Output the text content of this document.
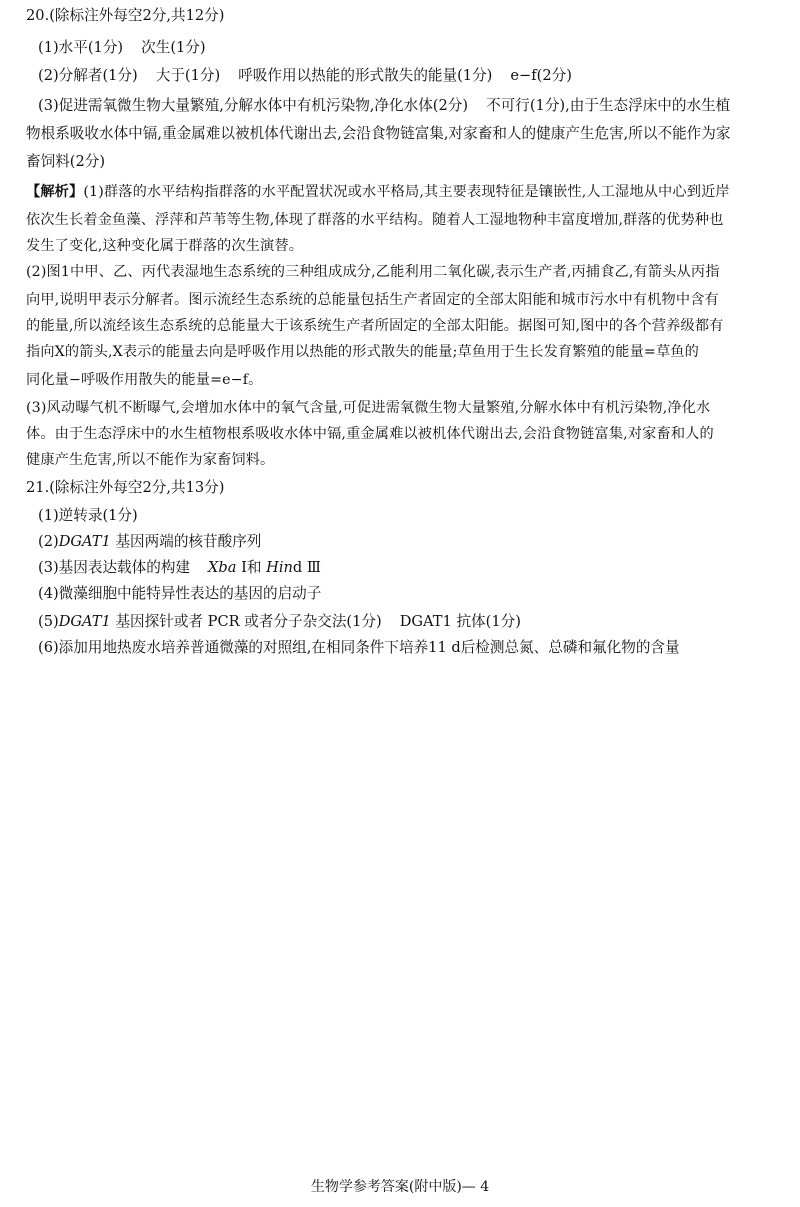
20.(除标注外每空2分,共12分)
(1)水平(1分) 次生(1分)
(2)分解者(1分) 大于(1分) 呼吸作用以热能的形式散失的能量(1分) e−f(2分)
(3)促进需氧微生物大量繁殖,分解水体中有机污染物,净化水体(2分) 不可行(1分),由于生态浮床中的水生植
物根系吸收水体中镉,重金属难以被机体代谢出去,会沿食物链富集,对家畜和人的健康产生危害,所以不能作为家
畜饲料(2分)
【解析】(1)群落的水平结构指群落的水平配置状况或水平格局,其主要表现特征是镶嵌性,人工湿地从中心到近岸
依次生长着金鱼藻、浮萍和芦苇等生物,体现了群落的水平结构。随着人工湿地物种丰富度增加,群落的优势种也
发生了变化,这种变化属于群落的次生演替。
(2)图1中甲、乙、丙代表湿地生态系统的三种组成成分,乙能利用二氧化碳,表示生产者,丙捕食乙,有箭头从丙指
向甲,说明甲表示分解者。图示流经生态系统的总能量包括生产者固定的全部太阳能和城市污水中有机物中含有
的能量,所以流经该生态系统的总能量大于该系统生产者所固定的全部太阳能。据图可知,图中的各个营养级都有
指向X的箭头,X表示的能量去向是呼吸作用以热能的形式散失的能量;草鱼用于生长发育繁殖的能量=草鱼的
同化量−呼吸作用散失的能量=e−f。
(3)风动曝气机不断曝气,会增加水体中的氧气含量,可促进需氧微生物大量繁殖,分解水体中有机污染物,净化水
体。由于生态浮床中的水生植物根系吸收水体中镉,重金属难以被机体代谢出去,会沿食物链富集,对家畜和人的
健康产生危害,所以不能作为家畜饲料。
21.(除标注外每空2分,共13分)
(1)逆转录(1分)
(2)DGAT1 基因两端的核苷酸序列
(3)基因表达载体的构建 Xba Ⅰ和 Hind Ⅲ
(4)微藻细胞中能特异性表达的基因的启动子
(5)DGAT1 基因探针或者 PCR 或者分子杂交法(1分) DGAT1 抗体(1分)
(6)添加用地热废水培养普通微藻的对照组,在相同条件下培养11 d后检测总氮、总磷和氟化物的含量
生物学参考答案(附中版)— 4
